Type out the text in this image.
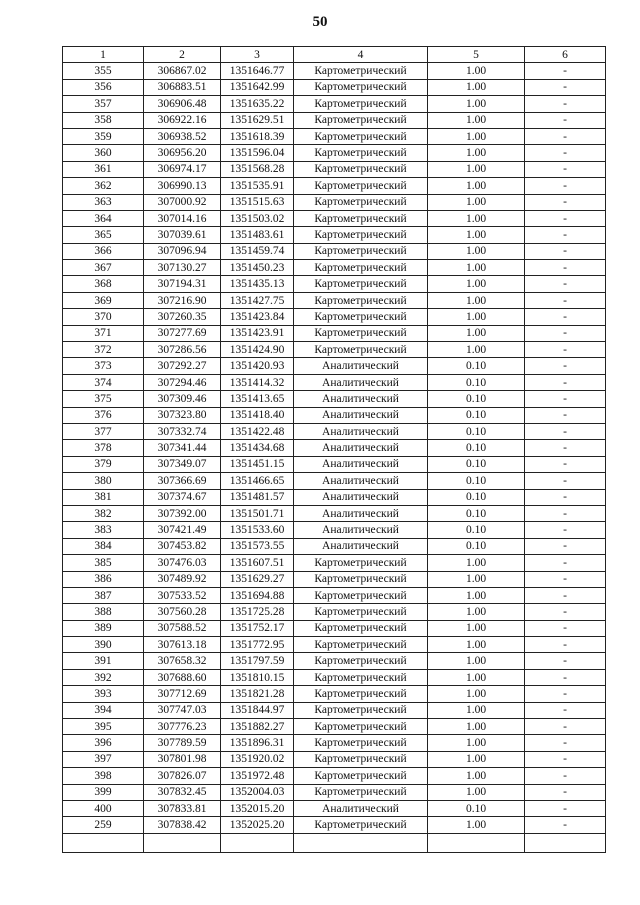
50
1	2	3	4	5	6
355	306867.02	1351646.77	Картометрический	1.00	-
356	306883.51	1351642.99	Картометрический	1.00	-
357	306906.48	1351635.22	Картометрический	1.00	-
358	306922.16	1351629.51	Картометрический	1.00	-
359	306938.52	1351618.39	Картометрический	1.00	-
360	306956.20	1351596.04	Картометрический	1.00	-
361	306974.17	1351568.28	Картометрический	1.00	-
362	306990.13	1351535.91	Картометрический	1.00	-
363	307000.92	1351515.63	Картометрический	1.00	-
364	307014.16	1351503.02	Картометрический	1.00	-
365	307039.61	1351483.61	Картометрический	1.00	-
366	307096.94	1351459.74	Картометрический	1.00	-
367	307130.27	1351450.23	Картометрический	1.00	-
368	307194.31	1351435.13	Картометрический	1.00	-
369	307216.90	1351427.75	Картометрический	1.00	-
370	307260.35	1351423.84	Картометрический	1.00	-
371	307277.69	1351423.91	Картометрический	1.00	-
372	307286.56	1351424.90	Картометрический	1.00	-
373	307292.27	1351420.93	Аналитический	0.10	-
374	307294.46	1351414.32	Аналитический	0.10	-
375	307309.46	1351413.65	Аналитический	0.10	-
376	307323.80	1351418.40	Аналитический	0.10	-
377	307332.74	1351422.48	Аналитический	0.10	-
378	307341.44	1351434.68	Аналитический	0.10	-
379	307349.07	1351451.15	Аналитический	0.10	-
380	307366.69	1351466.65	Аналитический	0.10	-
381	307374.67	1351481.57	Аналитический	0.10	-
382	307392.00	1351501.71	Аналитический	0.10	-
383	307421.49	1351533.60	Аналитический	0.10	-
384	307453.82	1351573.55	Аналитический	0.10	-
385	307476.03	1351607.51	Картометрический	1.00	-
386	307489.92	1351629.27	Картометрический	1.00	-
387	307533.52	1351694.88	Картометрический	1.00	-
388	307560.28	1351725.28	Картометрический	1.00	-
389	307588.52	1351752.17	Картометрический	1.00	-
390	307613.18	1351772.95	Картометрический	1.00	-
391	307658.32	1351797.59	Картометрический	1.00	-
392	307688.60	1351810.15	Картометрический	1.00	-
393	307712.69	1351821.28	Картометрический	1.00	-
394	307747.03	1351844.97	Картометрический	1.00	-
395	307776.23	1351882.27	Картометрический	1.00	-
396	307789.59	1351896.31	Картометрический	1.00	-
397	307801.98	1351920.02	Картометрический	1.00	-
398	307826.07	1351972.48	Картометрический	1.00	-
399	307832.45	1352004.03	Картометрический	1.00	-
400	307833.81	1352015.20	Аналитический	0.10	-
259	307838.42	1352025.20	Картометрический	1.00	-
